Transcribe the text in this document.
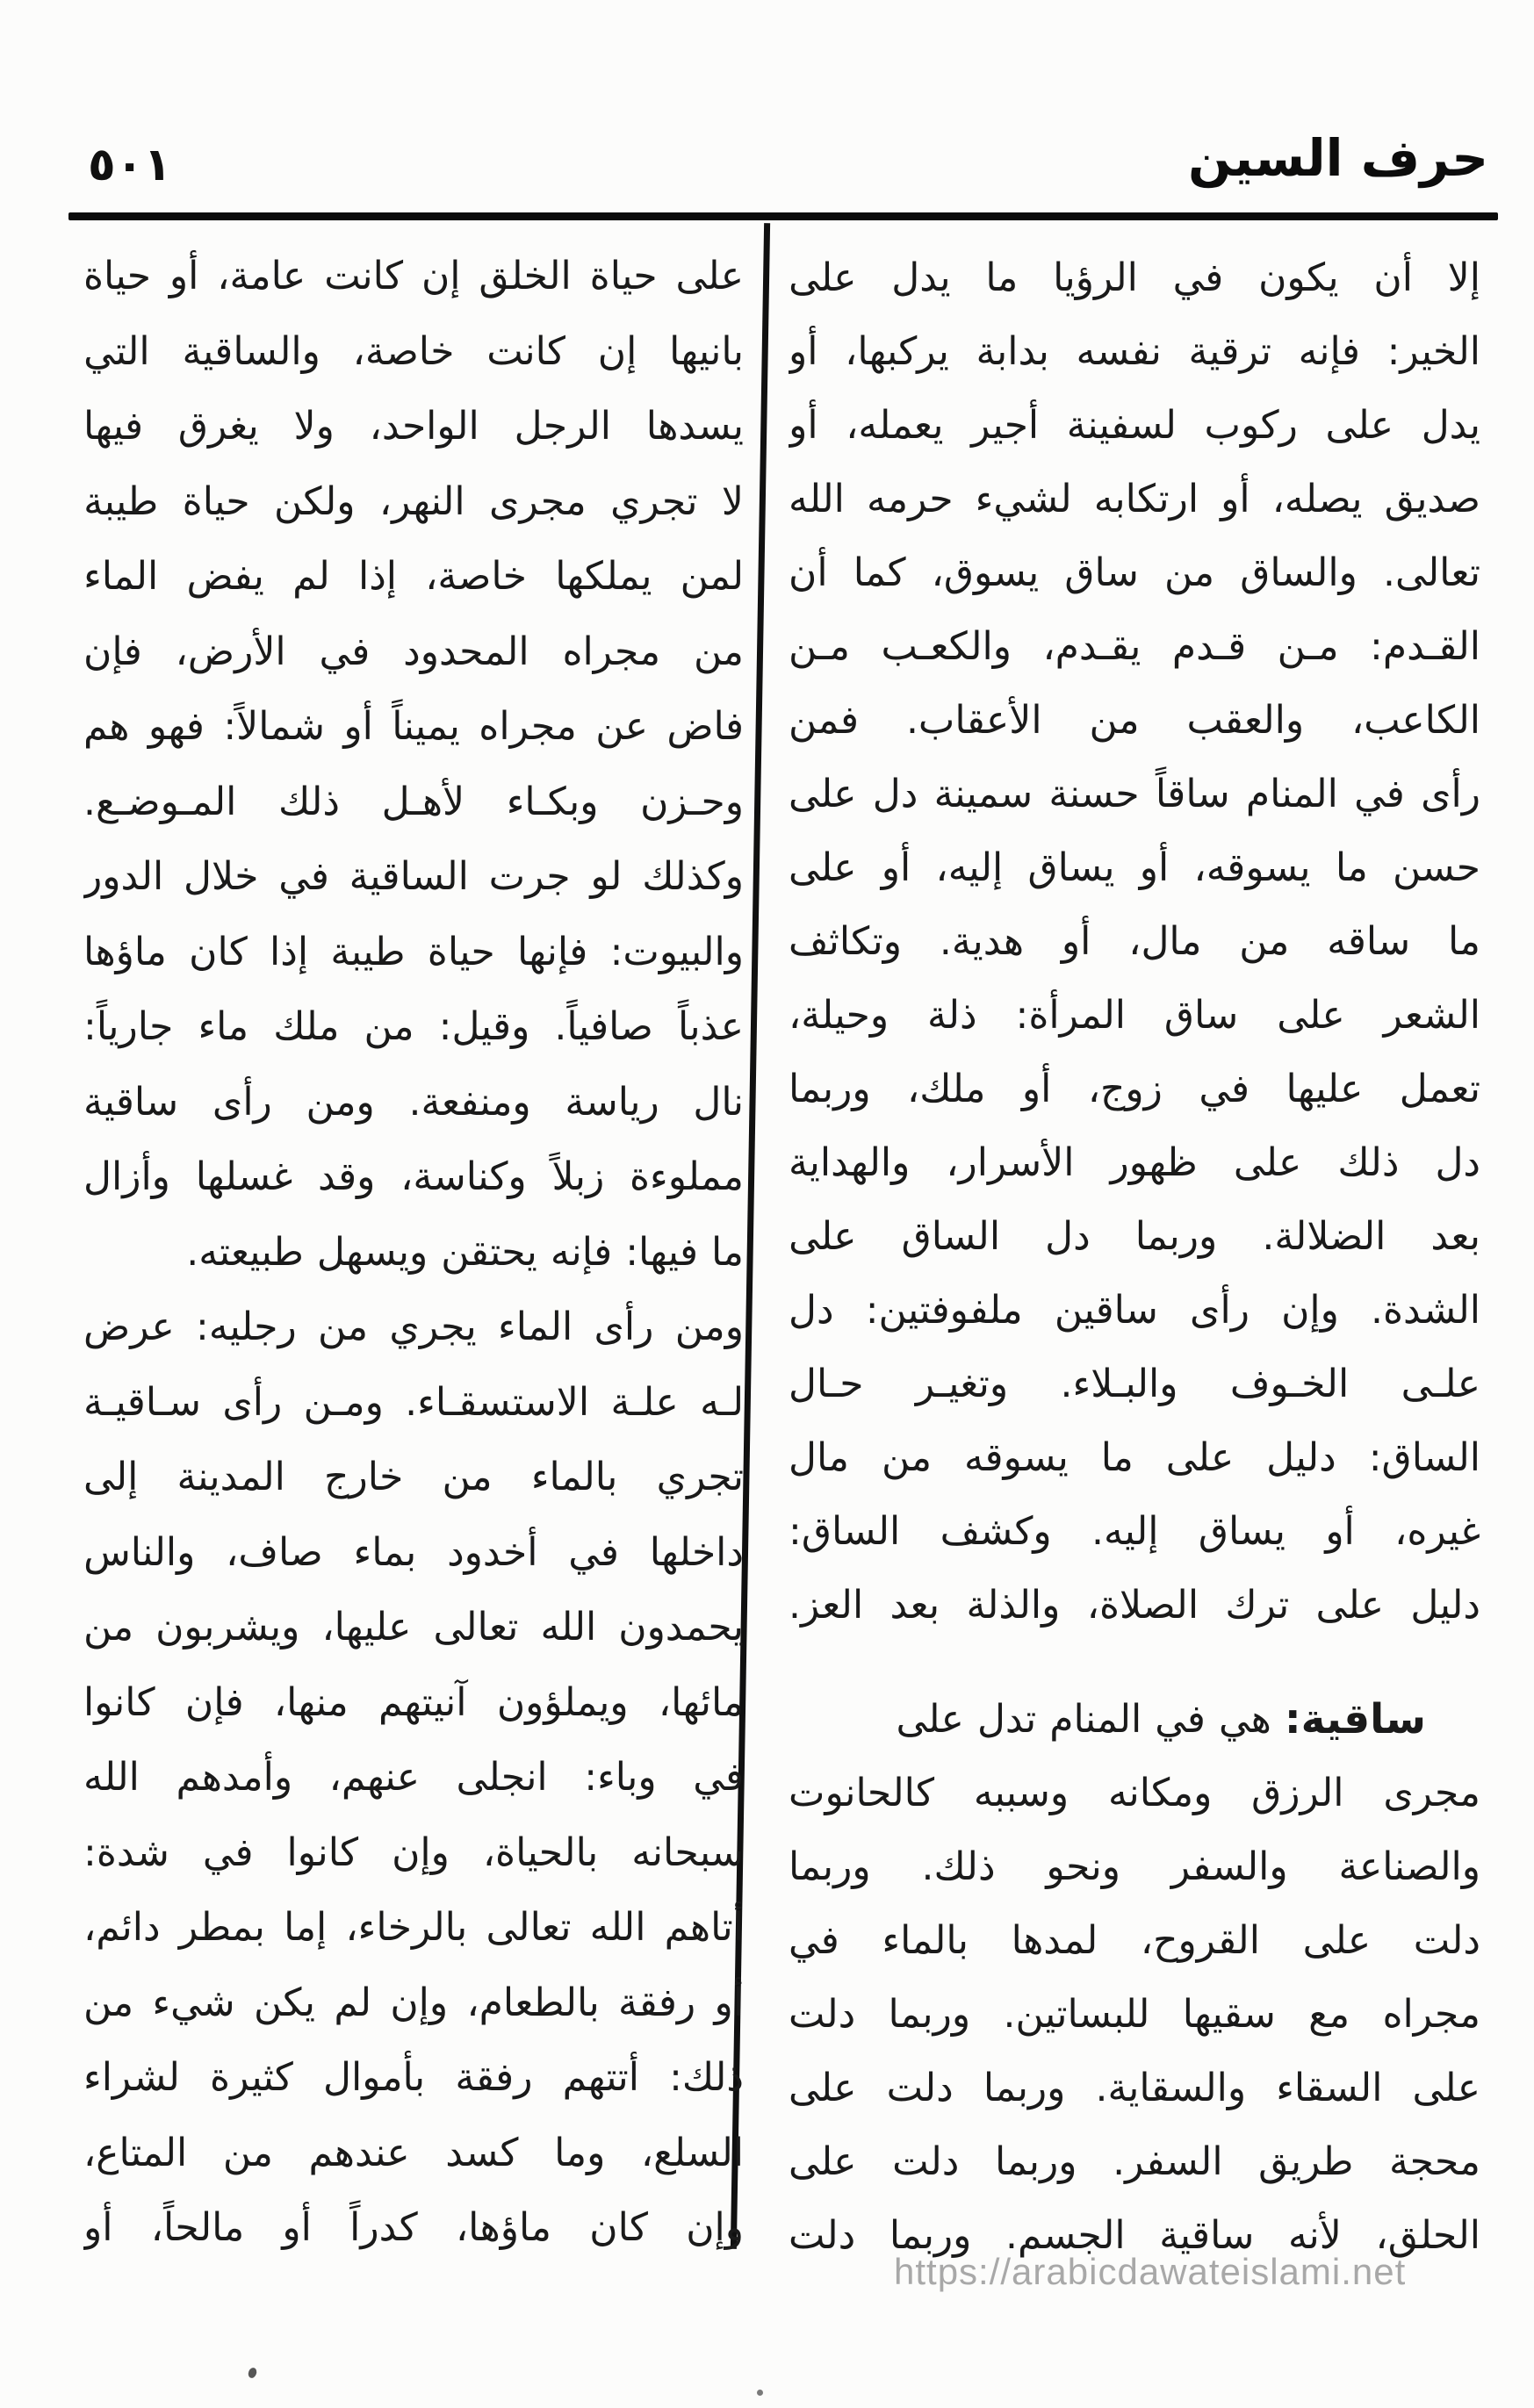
٥٠١	حرف السين
إلا
أن
يكون
في
الرؤيا
ما
يدل
على
الخير:
فإنه
ترقية
نفسه
بدابة
يركبها،
أو
يدل
على
ركوب
لسفينة
أجير
يعمله،
أو
صديق
يصله،
أو
ارتكابه
لشيء
حرمه
الله
تعالى.
والساق
من
ساق
يسوق،
كما
أن
القـدم:
مـن
قـدم
يقـدم،
والكعـب
مـن
الكاعب،
والعقب
من
الأعقاب.
فمن
رأى
في
المنام
ساقاً
حسنة
سمينة
دل
على
حسن
ما
يسوقه،
أو
يساق
إليه،
أو
على
ما
ساقه
من
مال،
أو
هدية.
وتكاثف
الشعر
على
ساق
المرأة:
ذلة
وحيلة،
تعمل
عليها
في
زوج،
أو
ملك،
وربما
دل
ذلك
على
ظهور
الأسرار،
والهداية
بعد
الضلالة.
وربما
دل
الساق
على
الشدة.
وإن
رأى
ساقين
ملفوفتين:
دل
علـى
الخـوف
والبـلاء.
وتغيـر
حـال
الساق:
دليل
على
ما
يسوقه
من
مال
غيره،
أو
يساق
إليه.
وكشف
الساق:
دليل
على
ترك
الصلاة،
والذلة
بعد
العز.
ساقية:
هي
في
المنام
تدل
على
مجرى
الرزق
ومكانه
وسببه
كالحانوت
والصناعة
والسفر
ونحو
ذلك.
وربما
دلت
على
القروح،
لمدها
بالماء
في
مجراه
مع
سقيها
للبساتين.
وربما
دلت
على
السقاء
والسقاية.
وربما
دلت
على
محجة
طريق
السفر.
وربما
دلت
على
الحلق،
لأنه
ساقية
الجسم.
وربما
دلت
على
حياة
الخلق
إن
كانت
عامة،
أو
حياة
بانيها
إن
كانت
خاصة،
والساقية
التي
يسدها
الرجل
الواحد،
ولا
يغرق
فيها
لا
تجري
مجرى
النهر،
ولكن
حياة
طيبة
لمن
يملكها
خاصة،
إذا
لم
يفض
الماء
من
مجراه
المحدود
في
الأرض،
فإن
فاض
عن
مجراه
يميناً
أو
شمالاً:
فهو
هم
وحـزن
وبكـاء
لأهـل
ذلك
المـوضـع.
وكذلك
لو
جرت
الساقية
في
خلال
الدور
والبيوت:
فإنها
حياة
طيبة
إذا
كان
ماؤها
عذباً
صافياً.
وقيل:
من
ملك
ماء
جارياً:
نال
رياسة
ومنفعة.
ومن
رأى
ساقية
مملوءة
زبلاً
وكناسة،
وقد
غسلها
وأزال
ما
فيها:
فإنه
يحتقن
ويسهل
طبيعته.
ومن
رأى
الماء
يجري
من
رجليه:
عرض
لـه
علـة
الاستسقـاء.
ومـن
رأى
سـاقيـة
تجري
بالماء
من
خارج
المدينة
إلى
داخلها
في
أخدود
بماء
صاف،
والناس
يحمدون
الله
تعالى
عليها،
ويشربون
من
مائها،
ويملؤون
آنيتهم
منها،
فإن
كانوا
في
وباء:
انجلى
عنهم،
وأمدهم
الله
سبحانه
بالحياة،
وإن
كانوا
في
شدة:
أتاهم
الله
تعالى
بالرخاء،
إما
بمطر
دائم،
أو
رفقة
بالطعام،
وإن
لم
يكن
شيء
من
ذلك:
أتتهم
رفقة
بأموال
كثيرة
لشراء
السلع،
وما
كسد
عندهم
من
المتاع،
وإن
كان
ماؤها،
كدراً
أو
مالحاً،
أو
https://arabicdawateislami.net
